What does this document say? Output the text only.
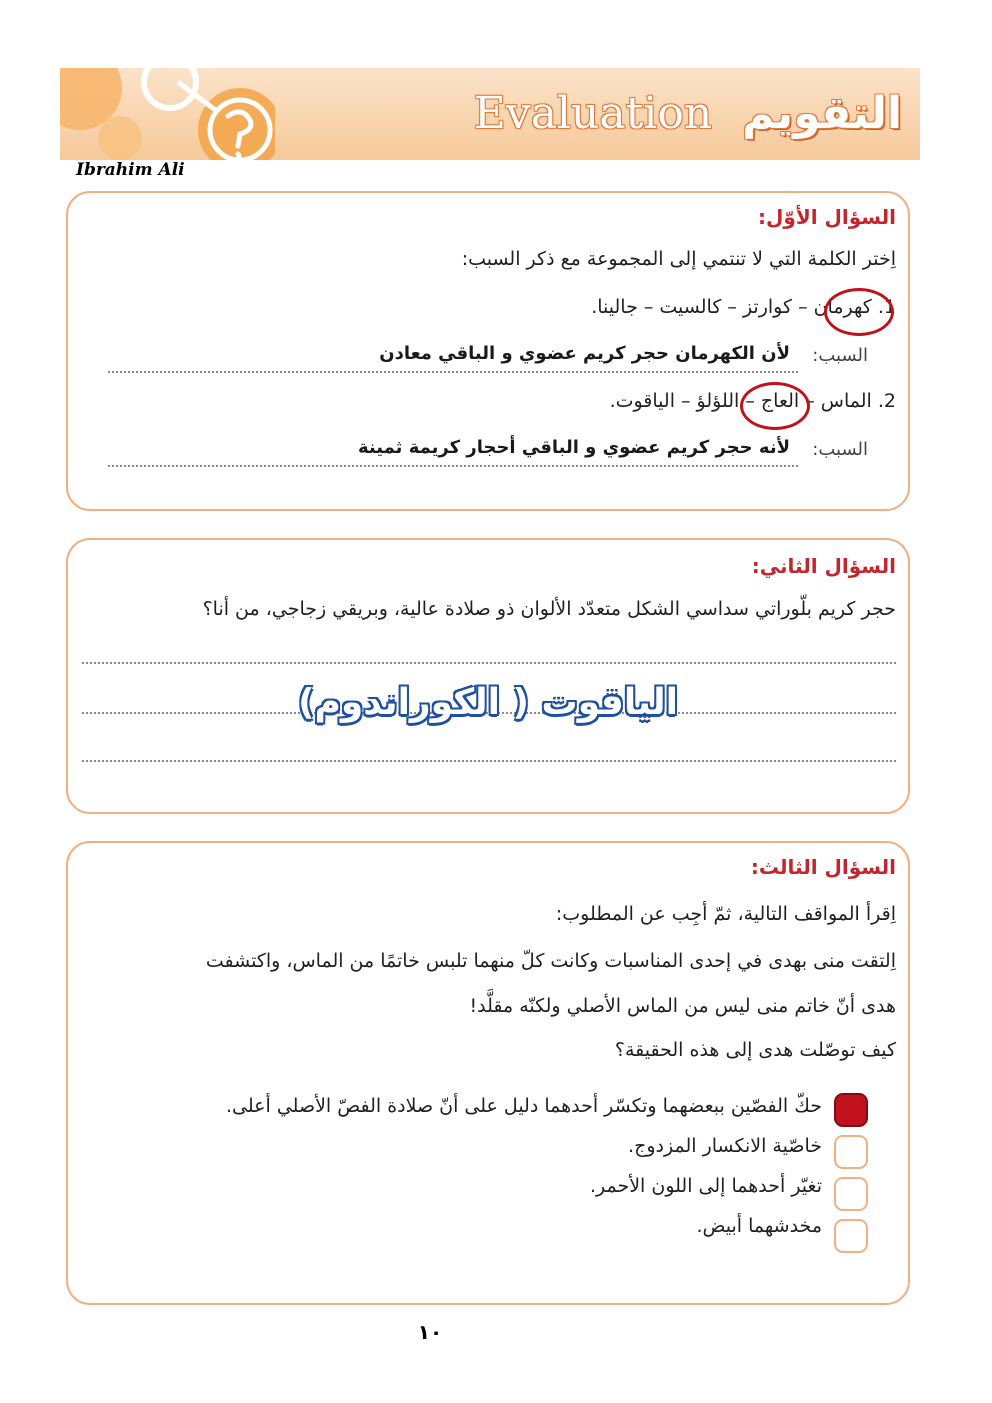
Evaluation التقويم
Ibrahim Ali
السؤال الأوّل:
اِختر الكلمة التي لا تنتمي إلى المجموعة مع ذكر السبب:
1. كهرمان – كوارتز – كالسيت – جالينا.
السبب:
لأن الكهرمان حجر كريم عضوي و الباقي معادن
2. الماس – العاج – اللؤلؤ – الياقوت.
السبب:
لأنه حجر كريم عضوي و الباقي أحجار كريمة ثمينة
السؤال الثاني:
حجر كريم بلّوراتي سداسي الشكل متعدّد الألوان ذو صلادة عالية، وبريقي زجاجي، من أنا؟
الياقوت ( الكوراندوم)
السؤال الثالث:
اِقرأ المواقف التالية، ثمّ أجِب عن المطلوب:
اِلتقت منى بهدى في إحدى المناسبات وكانت كلّ منهما تلبس خاتمًا من الماس، واكتشفت
هدى أنّ خاتم منى ليس من الماس الأصلي ولكنّه مقلَّد!
كيف توصّلت هدى إلى هذه الحقيقة؟
حكّ الفصّين ببعضهما وتكسّر أحدهما دليل على أنّ صلادة الفصّ الأصلي أعلى.
خاصّية الانكسار المزدوج.
تغيّر أحدهما إلى اللون الأحمر.
مخدشهما أبيض.
١٠
